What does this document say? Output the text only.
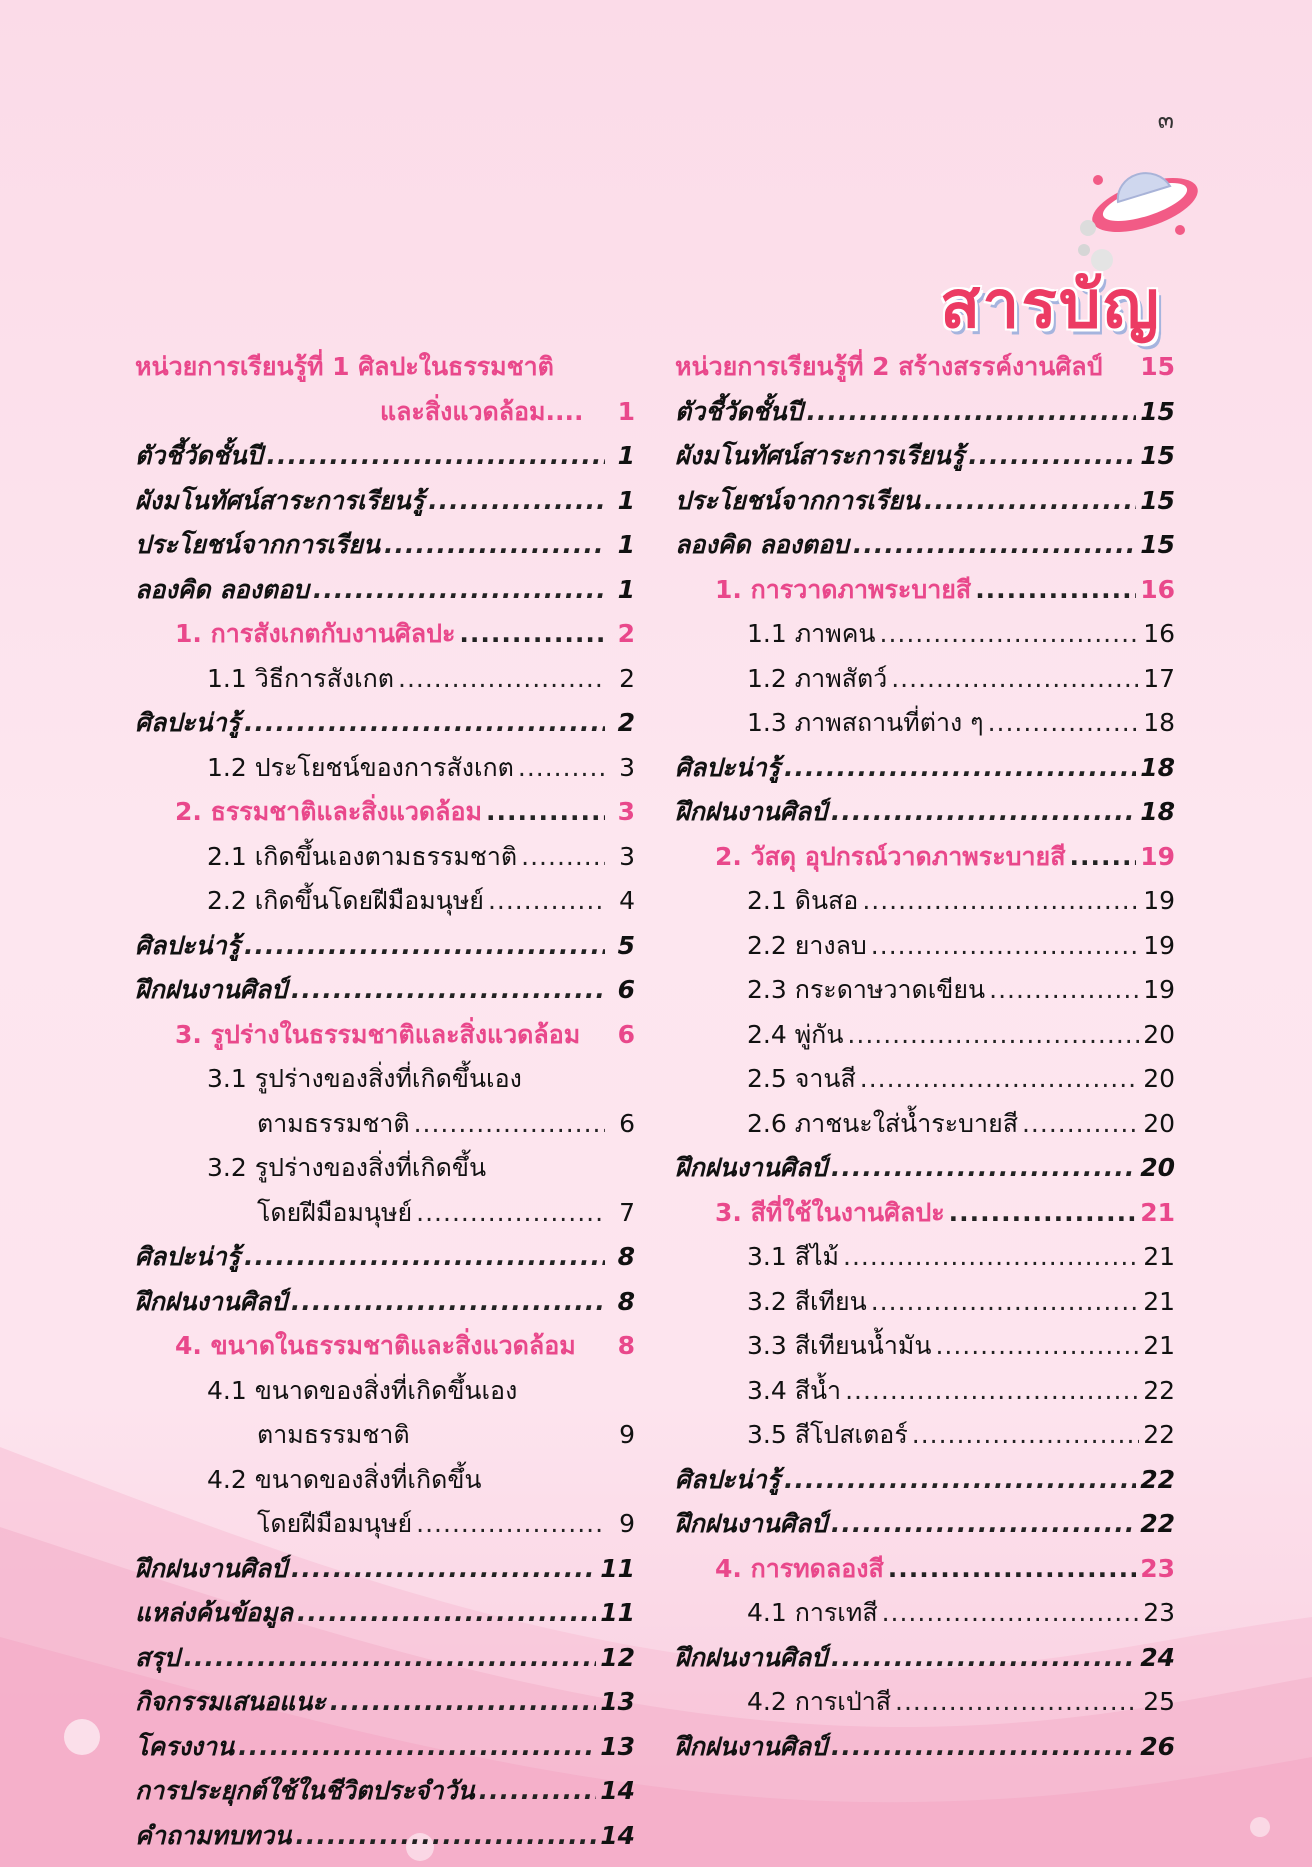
๓
สารบัญ
หน่วยการเรียนรู้ที่ 1 ศิลปะในธรรมชาติ
และสิ่งแวดล้อม....	1
ตัวชี้วัดชั้นปี .....	1
ผังมโนทัศน์สาระการเรียนรู้ .....	1
ประโยชน์จากการเรียน .....	1
ลองคิด ลองตอบ .....	1
1. การสังเกตกับงานศิลปะ .....	2
1.1 วิธีการสังเกต .....	2
ศิลปะน่ารู้ .....	2
1.2 ประโยชน์ของการสังเกต .....	3
2. ธรรมชาติและสิ่งแวดล้อม .....	3
2.1 เกิดขึ้นเองตามธรรมชาติ .....	3
2.2 เกิดขึ้นโดยฝีมือมนุษย์ .....	4
ศิลปะน่ารู้ .....	5
ฝึกฝนงานศิลป์ .....	6
3. รูปร่างในธรรมชาติและสิ่งแวดล้อม	6
3.1 รูปร่างของสิ่งที่เกิดขึ้นเอง
ตามธรรมชาติ .....	6
3.2 รูปร่างของสิ่งที่เกิดขึ้น
โดยฝีมือมนุษย์ .....	7
ศิลปะน่ารู้ .....	8
ฝึกฝนงานศิลป์ .....	8
4. ขนาดในธรรมชาติและสิ่งแวดล้อม	8
4.1 ขนาดของสิ่งที่เกิดขึ้นเอง
ตามธรรมชาติ	9
4.2 ขนาดของสิ่งที่เกิดขึ้น
โดยฝีมือมนุษย์ .....	9
ฝึกฝนงานศิลป์ .....	11
แหล่งค้นข้อมูล .....	11
สรุป .....	12
กิจกรรมเสนอแนะ .....	13
โครงงาน .....	13
การประยุกต์ใช้ในชีวิตประจำวัน .....	14
คำถามทบทวน .....	14
หน่วยการเรียนรู้ที่ 2 สร้างสรรค์งานศิลป์ 15
ตัวชี้วัดชั้นปี .....	15
ผังมโนทัศน์สาระการเรียนรู้ .....	15
ประโยชน์จากการเรียน .....	15
ลองคิด ลองตอบ .....	15
1. การวาดภาพระบายสี .....	16
1.1 ภาพคน .....	16
1.2 ภาพสัตว์ .....	17
1.3 ภาพสถานที่ต่าง ๆ .....	18
ศิลปะน่ารู้ .....	18
ฝึกฝนงานศิลป์ .....	18
2. วัสดุ อุปกรณ์วาดภาพระบายสี .....	19
2.1 ดินสอ .....	19
2.2 ยางลบ .....	19
2.3 กระดาษวาดเขียน .....	19
2.4 พู่กัน .....	20
2.5 จานสี .....	20
2.6 ภาชนะใส่น้ำระบายสี .....	20
ฝึกฝนงานศิลป์ .....	20
3. สีที่ใช้ในงานศิลปะ .....	21
3.1 สีไม้ .....	21
3.2 สีเทียน .....	21
3.3 สีเทียนน้ำมัน .....	21
3.4 สีน้ำ .....	22
3.5 สีโปสเตอร์ .....	22
ศิลปะน่ารู้ .....	22
ฝึกฝนงานศิลป์ .....	22
4. การทดลองสี .....	23
4.1 การเทสี .....	23
ฝึกฝนงานศิลป์ .....	24
4.2 การเป่าสี .....	25
ฝึกฝนงานศิลป์ .....	26
